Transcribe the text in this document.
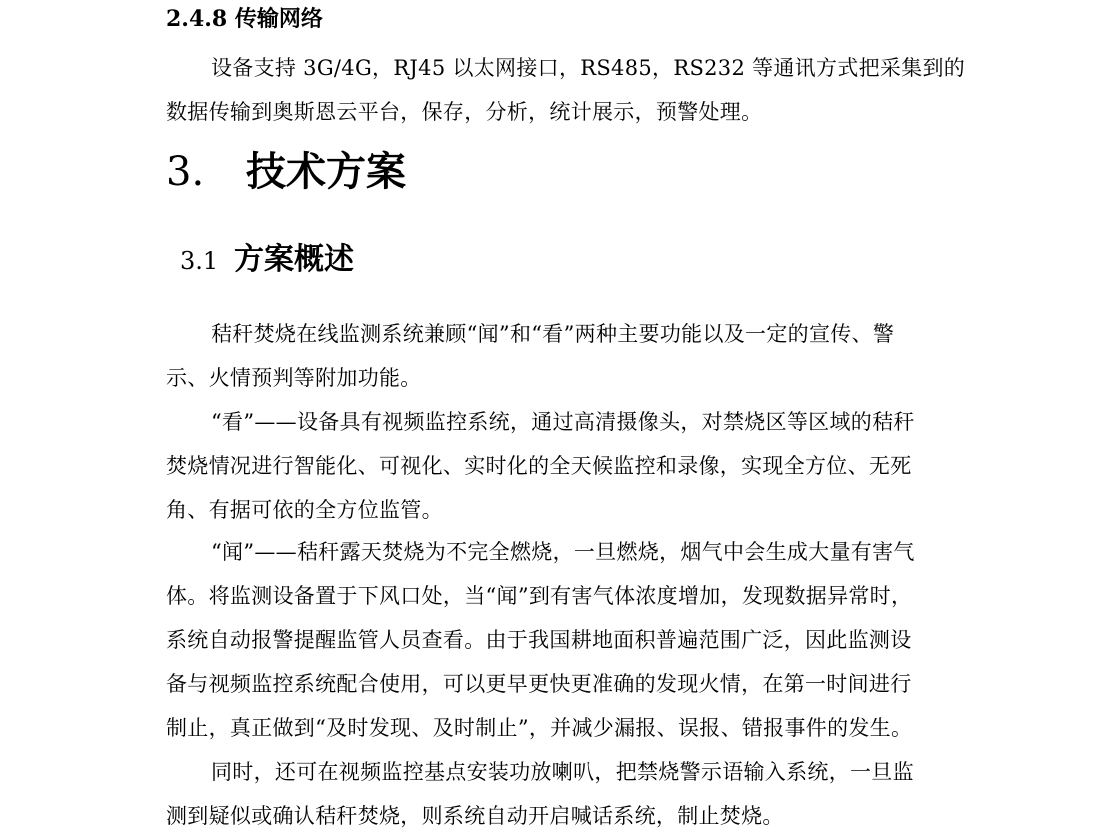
2.4.8 传输网络

设备支持 3G/4G，RJ45 以太网接口，RS485，RS232 等通讯方式把采集到的
数据传输到奥斯恩云平台，保存，分析，统计展示，预警处理。

3. 技术方案
3.1 方案概述

秸秆焚烧在线监测系统兼顾“闻”和“看”两种主要功能以及一定的宣传、警
示、火情预判等附加功能。

“看”——设备具有视频监控系统，通过高清摄像头，对禁烧区等区域的秸秆
焚烧情况进行智能化、可视化、实时化的全天候监控和录像，实现全方位、无死
角、有据可依的全方位监管。

“闻”——秸秆露天焚烧为不完全燃烧，一旦燃烧，烟气中会生成大量有害气
体。将监测设备置于下风口处，当“闻”到有害气体浓度增加，发现数据异常时，
系统自动报警提醒监管人员查看。由于我国耕地面积普遍范围广泛，因此监测设
备与视频监控系统配合使用，可以更早更快更准确的发现火情，在第一时间进行
制止，真正做到“及时发现、及时制止”，并减少漏报、误报、错报事件的发生。

同时，还可在视频监控基点安装功放喇叭，把禁烧警示语输入系统，一旦监
测到疑似或确认秸秆焚烧，则系统自动开启喊话系统，制止焚烧。
